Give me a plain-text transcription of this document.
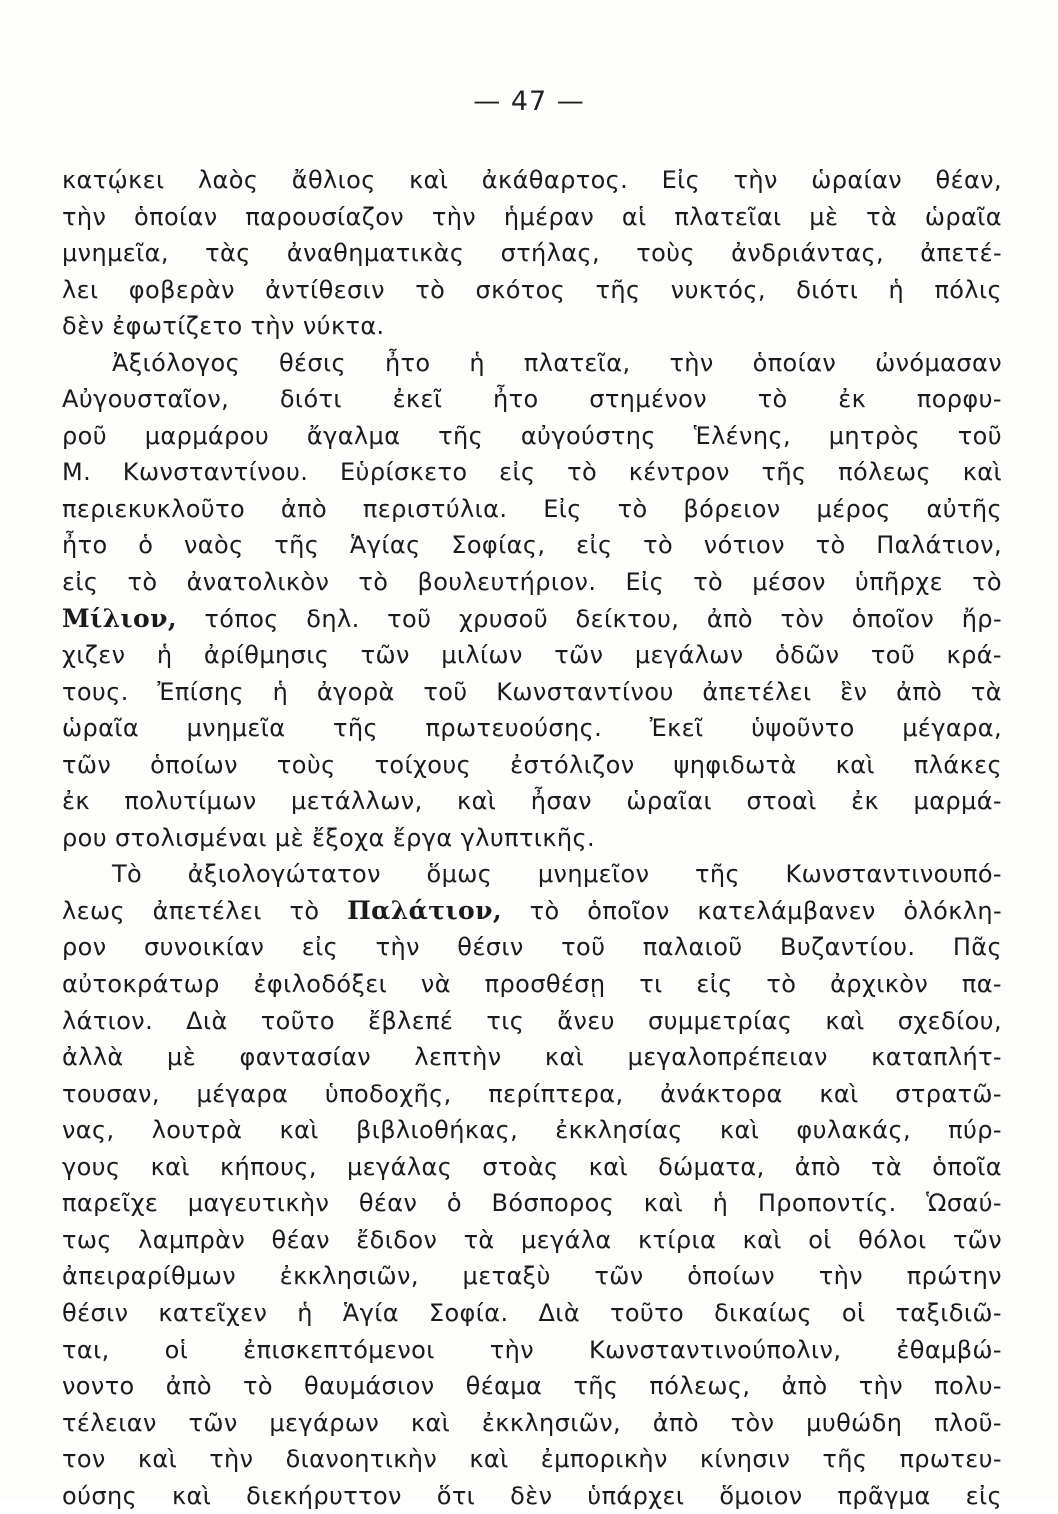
— 47 —
κατῴκει λαὸς ἄθλιος καὶ ἀκάθαρτος. Εἰς τὴν ὡραίαν θέαν,
τὴν ὁποίαν παρουσίαζον τὴν ἡμέραν αἱ πλατεῖαι μὲ τὰ ὡραῖα
μνημεῖα, τὰς ἀναθηματικὰς στήλας, τοὺς ἀνδριάντας, ἀπετέ-
λει φοβερὰν ἀντίθεσιν τὸ σκότος τῆς νυκτός, διότι ἡ πόλις
δὲν ἐφωτίζετο τὴν νύκτα.
Ἀξιόλογος θέσις ἦτο ἡ πλατεῖα, τὴν ὁποίαν ὠνόμασαν
Αὐγουσταῖον, διότι ἐκεῖ ἦτο στημένον τὸ ἐκ πορφυ-
ροῦ μαρμάρου ἄγαλμα τῆς αὐγούστης Ἑλένης, μητρὸς τοῦ
Μ. Κωνσταντίνου. Εὑρίσκετο εἰς τὸ κέντρον τῆς πόλεως καὶ
περιεκυκλοῦτο ἀπὸ περιστύλια. Εἰς τὸ βόρειον μέρος αὐτῆς
ἦτο ὁ ναὸς τῆς Ἁγίας Σοφίας, εἰς τὸ νότιον τὸ Παλάτιον,
εἰς τὸ ἀνατολικὸν τὸ βουλευτήριον. Εἰς τὸ μέσον ὑπῆρχε τὸ
Μίλιον, τόπος δηλ. τοῦ χρυσοῦ δείκτου, ἀπὸ τὸν ὁποῖον ἤρ-
χιζεν ἡ ἀρίθμησις τῶν μιλίων τῶν μεγάλων ὁδῶν τοῦ κρά-
τους. Ἐπίσης ἡ ἀγορὰ τοῦ Κωνσταντίνου ἀπετέλει ἓν ἀπὸ τὰ
ὡραῖα μνημεῖα τῆς πρωτευούσης. Ἐκεῖ ὑψοῦντο μέγαρα,
τῶν ὁποίων τοὺς τοίχους ἐστόλιζον ψηφιδωτὰ καὶ πλάκες
ἐκ πολυτίμων μετάλλων, καὶ ἦσαν ὡραῖαι στοαὶ ἐκ μαρμά-
ρου στολισμέναι μὲ ἔξοχα ἔργα γλυπτικῆς.
Τὸ ἀξιολογώτατον ὅμως μνημεῖον τῆς Κωνσταντινουπό-
λεως ἀπετέλει τὸ Παλάτιον, τὸ ὁποῖον κατελάμβανεν ὁλόκλη-
ρον συνοικίαν εἰς τὴν θέσιν τοῦ παλαιοῦ Βυζαντίου. Πᾶς
αὐτοκράτωρ ἐφιλοδόξει νὰ προσθέσῃ τι εἰς τὸ ἀρχικὸν πα-
λάτιον. Διὰ τοῦτο ἔβλεπέ τις ἄνευ συμμετρίας καὶ σχεδίου,
ἀλλὰ μὲ φαντασίαν λεπτὴν καὶ μεγαλοπρέπειαν καταπλήτ-
τουσαν, μέγαρα ὑποδοχῆς, περίπτερα, ἀνάκτορα καὶ στρατῶ-
νας, λουτρὰ καὶ βιβλιοθήκας, ἐκκλησίας καὶ φυλακάς, πύρ-
γους καὶ κήπους, μεγάλας στοὰς καὶ δώματα, ἀπὸ τὰ ὁποῖα
παρεῖχε μαγευτικὴν θέαν ὁ Βόσπορος καὶ ἡ Προποντίς. Ὡσαύ-
τως λαμπρὰν θέαν ἔδιδον τὰ μεγάλα κτίρια καὶ οἱ θόλοι τῶν
ἀπειραρίθμων ἐκκλησιῶν, μεταξὺ τῶν ὁποίων τὴν πρώτην
θέσιν κατεῖχεν ἡ Ἁγία Σοφία. Διὰ τοῦτο δικαίως οἱ ταξιδιῶ-
ται, οἱ ἐπισκεπτόμενοι τὴν Κωνσταντινούπολιν, ἐθαμβώ-
νοντο ἀπὸ τὸ θαυμάσιον θέαμα τῆς πόλεως, ἀπὸ τὴν πολυ-
τέλειαν τῶν μεγάρων καὶ ἐκκλησιῶν, ἀπὸ τὸν μυθώδη πλοῦ-
τον καὶ τὴν διανοητικὴν καὶ ἐμπορικὴν κίνησιν τῆς πρωτευ-
ούσης καὶ διεκήρυττον ὅτι δὲν ὑπάρχει ὅμοιον πρᾶγμα εἰς
